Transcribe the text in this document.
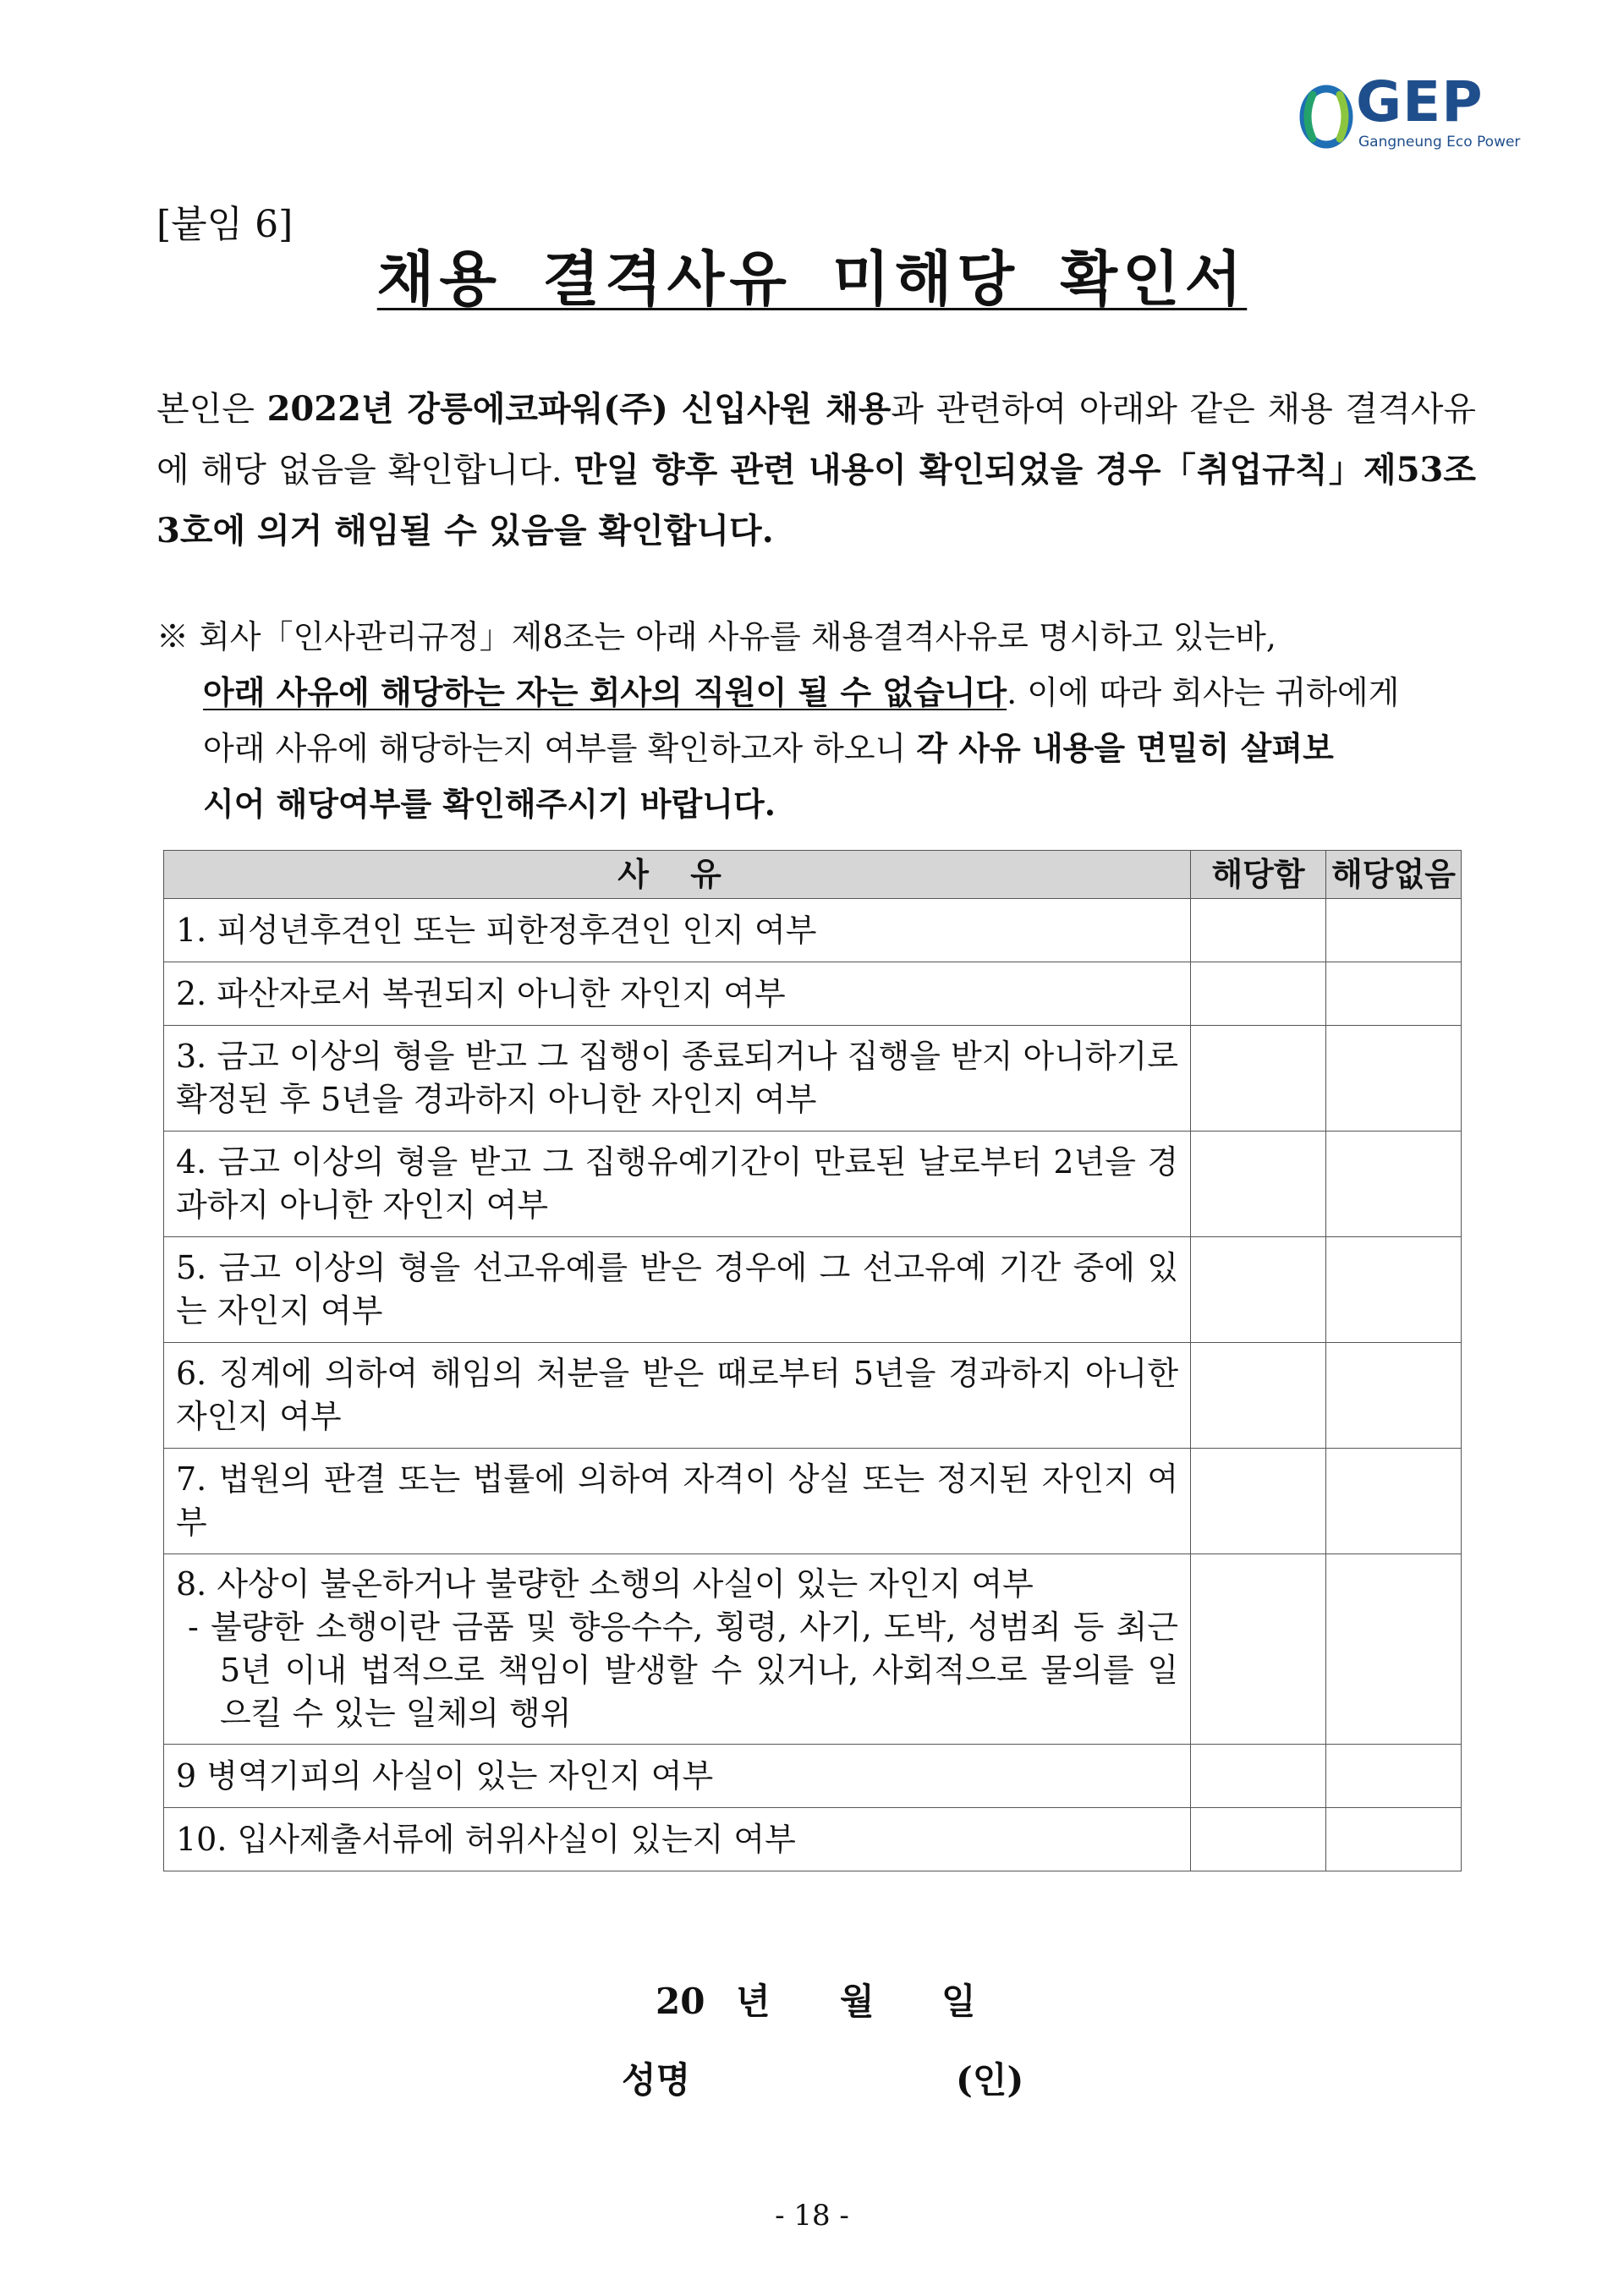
GEP
Gangneung Eco Power
[붙임 6]
채용 결격사유 미해당 확인서

본인은 2022년 강릉에코파워(주) 신입사원 채용과 관련하여 아래와 같은 채용 결격사유에 해당 없음을 확인합니다. 만일 향후 관련 내용이 확인되었을 경우「취업규칙」제53조 3호에 의거 해임될 수 있음을 확인합니다.

※ 회사「인사관리규정」제8조는 아래 사유를 채용결격사유로 명시하고 있는바,

아래 사유에 해당하는 자는 회사의 직원이 될 수 없습니다. 이에 따라 회사는 귀하에게

아래 사유에 해당하는지 여부를 확인하고자 하오니 각 사유 내용을 면밀히 살펴보

시어 해당여부를 확인해주시기 바랍니다.

사 유	해당함	해당없음
1. 피성년후견인 또는 피한정후견인 인지 여부		
2. 파산자로서 복권되지 아니한 자인지 여부		
3. 금고 이상의 형을 받고 그 집행이 종료되거나 집행을 받지 아니하기로 확정된 후 5년을 경과하지 아니한 자인지 여부		
4. 금고 이상의 형을 받고 그 집행유예기간이 만료된 날로부터 2년을 경과하지 아니한 자인지 여부		
5. 금고 이상의 형을 선고유예를 받은 경우에 그 선고유예 기간 중에 있는 자인지 여부		
6. 징계에 의하여 해임의 처분을 받은 때로부터 5년을 경과하지 아니한 자인지 여부		
7. 법원의 판결 또는 법률에 의하여 자격이 상실 또는 정지된 자인지 여부		

8. 사상이 불온하거나 불량한 소행의 사실이 있는 자인지 여부
- 불량한 소행이란 금품 및 향응수수, 횡령, 사기, 도박, 성범죄 등 최근 5년 이내 법적으로 책임이 발생할 수 있거나, 사회적으로 물의를 일으킬 수 있는 일체의 행위		

9 병역기피의 사실이 있는 자인지 여부		
10. 입사제출서류에 허위사실이 있는지 여부		
20 년 월 일
성명	(인)
- 18 -
